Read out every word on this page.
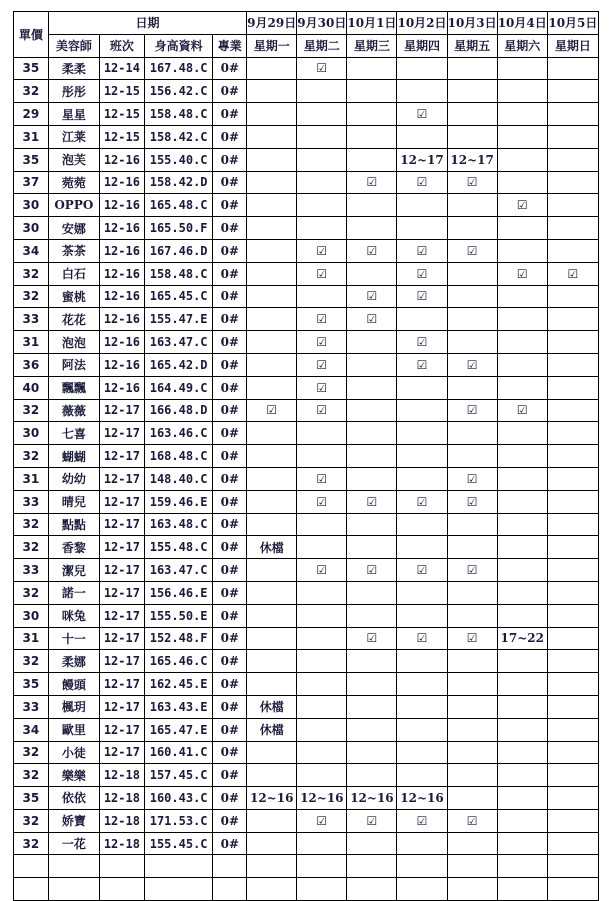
單價	日期				9月29日	9月30日	10月1日	10月2日	10月3日	10月4日	10月5日
	美容師	班次	身高資料	專業	星期一	星期二	星期三	星期四	星期五	星期六	星期日
35	柔柔	12-14	167.48.C	0#		☑					
32	彤彤	12-15	156.42.C	0#							
29	星星	12-15	158.48.C	0#				☑			
31	江莱	12-15	158.42.C	0#							
35	泡芙	12-16	155.40.C	0#				12~17	12~17		
37	菀菀	12-16	158.42.D	0#			☑	☑	☑		
30	OPPO	12-16	165.48.C	0#						☑	
30	安娜	12-16	165.50.F	0#							
34	茶茶	12-16	167.46.D	0#		☑	☑	☑	☑		
32	白石	12-16	158.48.C	0#		☑		☑		☑	☑
32	蜜桃	12-16	165.45.C	0#			☑	☑			
33	花花	12-16	155.47.E	0#		☑	☑				
31	泡泡	12-16	163.47.C	0#		☑		☑			
36	阿法	12-16	165.42.D	0#		☑		☑	☑		
40	飄飄	12-16	164.49.C	0#		☑					
32	薇薇	12-17	166.48.D	0#	☑	☑			☑	☑	
30	七喜	12-17	163.46.C	0#							
32	蝴蝴	12-17	168.48.C	0#							
31	幼幼	12-17	148.40.C	0#		☑			☑		
33	晴兒	12-17	159.46.E	0#		☑	☑	☑	☑		
32	點點	12-17	163.48.C	0#							
32	香黎	12-17	155.48.C	0#	休檔						
33	潔兒	12-17	163.47.C	0#		☑	☑	☑	☑		
32	諾一	12-17	156.46.E	0#							
30	咪兔	12-17	155.50.E	0#							
31	十一	12-17	152.48.F	0#			☑	☑	☑	17~22	
32	柔娜	12-17	165.46.C	0#							
35	饅頭	12-17	162.45.E	0#							
33	楓玥	12-17	163.43.E	0#	休檔						
34	歐里	12-17	165.47.E	0#	休檔						
32	小徒	12-17	160.41.C	0#							
32	樂樂	12-18	157.45.C	0#							
35	依依	12-18	160.43.C	0#	12~16	12~16	12~16	12~16			
32	娇寶	12-18	171.53.C	0#		☑	☑	☑	☑		
32	一花	12-18	155.45.C	0#							
